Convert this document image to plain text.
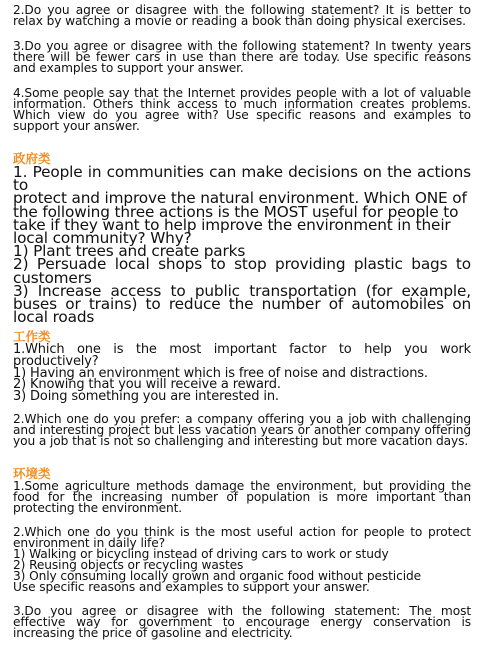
2.Do you agree or disagree with the following statement? It is better to relax by watching a movie or reading a book than doing physical exercises.

3.Do you agree or disagree with the following statement? In twenty years there will be fewer cars in use than there are today. Use specific reasons and examples to support your answer.

4.Some people say that the Internet provides people with a lot of valuable information. Others think access to much information creates problems. Which view do you agree with? Use specific reasons and examples to support your answer.

政府类

1. People in communities can make decisions on the actions to
protect and improve the natural environment. Which ONE of
the following three actions is the MOST useful for people to
take if they want to help improve the environment in their
local community? Why?
1) Plant trees and create parks
2) Persuade local shops to stop providing plastic bags to customers
3) Increase access to public transportation (for example, buses or trains) to reduce the number of automobiles on local roads

工作类

1.Which one is the most important factor to help you work productively?
1) Having an environment which is free of noise and distractions.
2) Knowing that you will receive a reward.
3) Doing something you are interested in.

2.Which one do you prefer: a company offering you a job with challenging and interesting project but less vacation years or another company offering you a job that is not so challenging and interesting but more vacation days.

环境类

1.Some agriculture methods damage the environment, but providing the food for the increasing number of population is more important than protecting the environment.

2.Which one do you think is the most useful action for people to protect environment in daily life?
1) Walking or bicycling instead of driving cars to work or study
2) Reusing objects or recycling wastes
3) Only consuming locally grown and organic food without pesticide
Use specific reasons and examples to support your answer.

3.Do you agree or disagree with the following statement: The most effective way for government to encourage energy conservation is increasing the price of gasoline and electricity.
